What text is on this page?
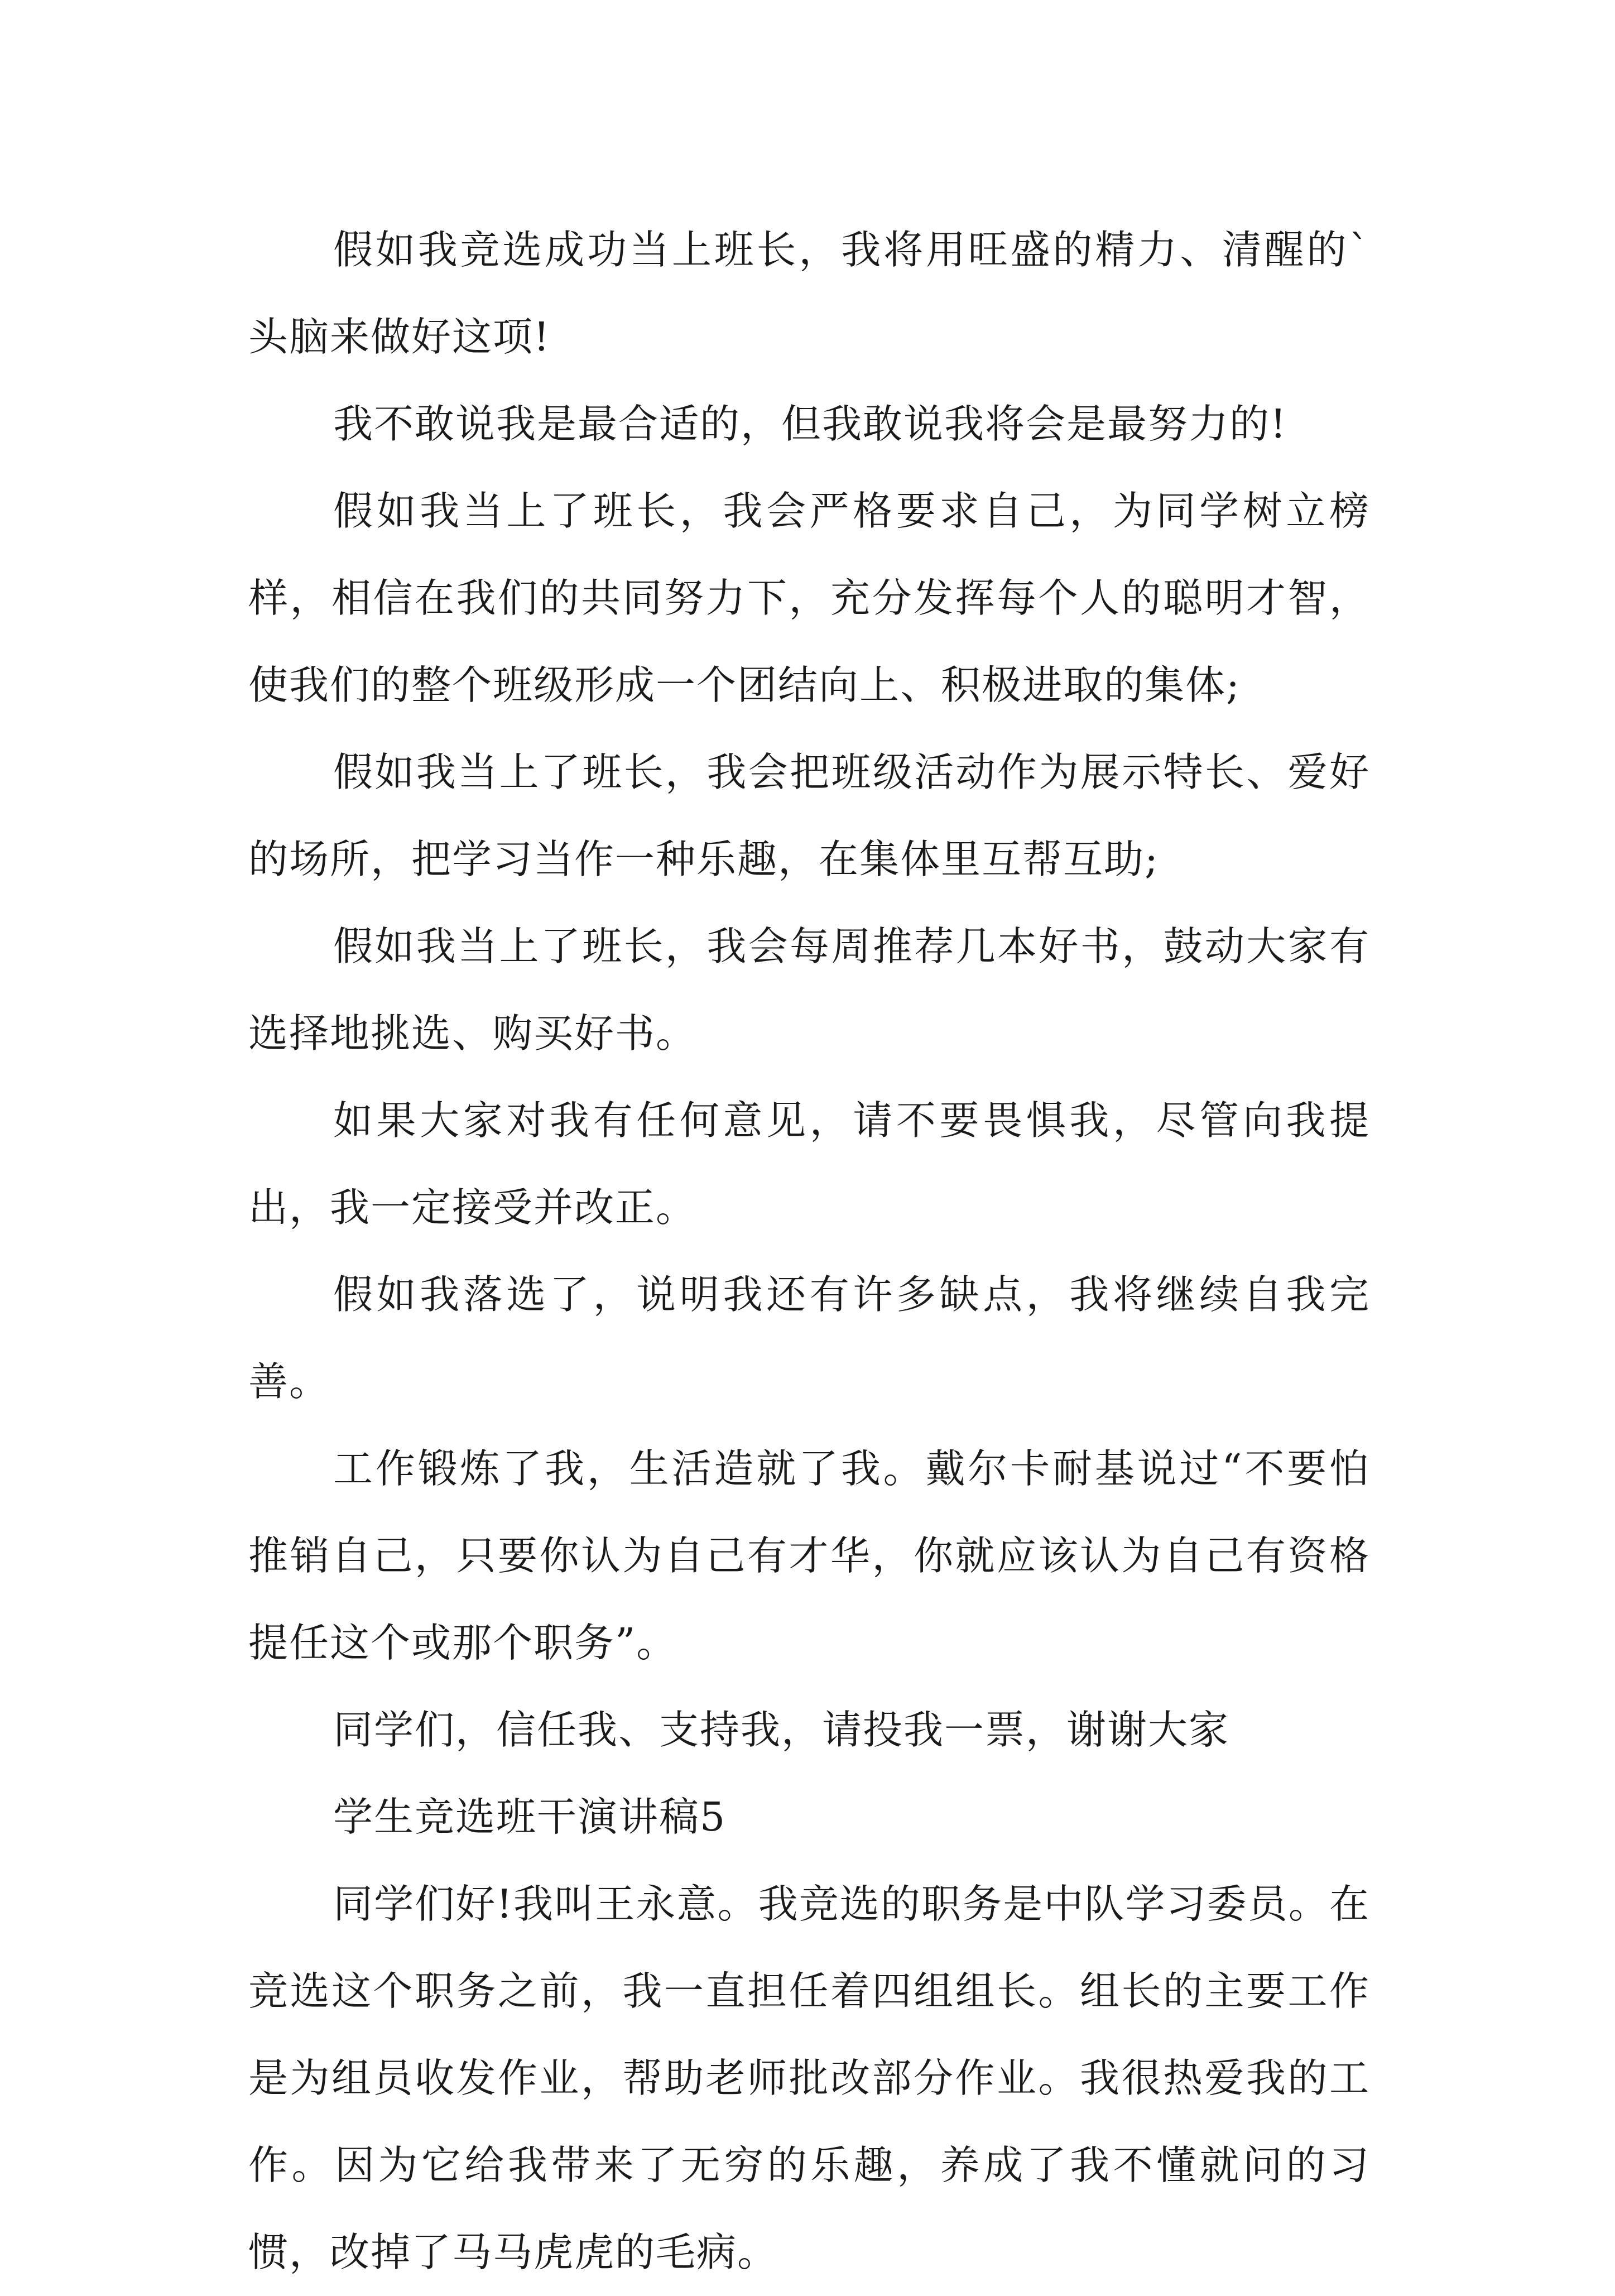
假如我竞选成功当上班长，我将用旺盛的精力、清醒的`头脑来做好这项!

我不敢说我是最合适的，但我敢说我将会是最努力的!

假如我当上了班长，我会严格要求自己，为同学树立榜样，相信在我们的共同努力下，充分发挥每个人的聪明才智，使我们的整个班级形成一个团结向上、积极进取的集体;

假如我当上了班长，我会把班级活动作为展示特长、爱好的场所，把学习当作一种乐趣，在集体里互帮互助;

假如我当上了班长，我会每周推荐几本好书，鼓动大家有选择地挑选、购买好书。

如果大家对我有任何意见，请不要畏惧我，尽管向我提出，我一定接受并改正。

假如我落选了，说明我还有许多缺点，我将继续自我完善。

工作锻炼了我，生活造就了我。戴尔卡耐基说过“不要怕推销自己，只要你认为自己有才华，你就应该认为自己有资格提任这个或那个职务”。

同学们，信任我、支持我，请投我一票，谢谢大家

学生竞选班干演讲稿5

同学们好!我叫王永意。我竞选的职务是中队学习委员。在竞选这个职务之前，我一直担任着四组组长。组长的主要工作是为组员收发作业，帮助老师批改部分作业。我很热爱我的工作。因为它给我带来了无穷的乐趣，养成了我不懂就问的习惯，改掉了马马虎虎的毛病。
